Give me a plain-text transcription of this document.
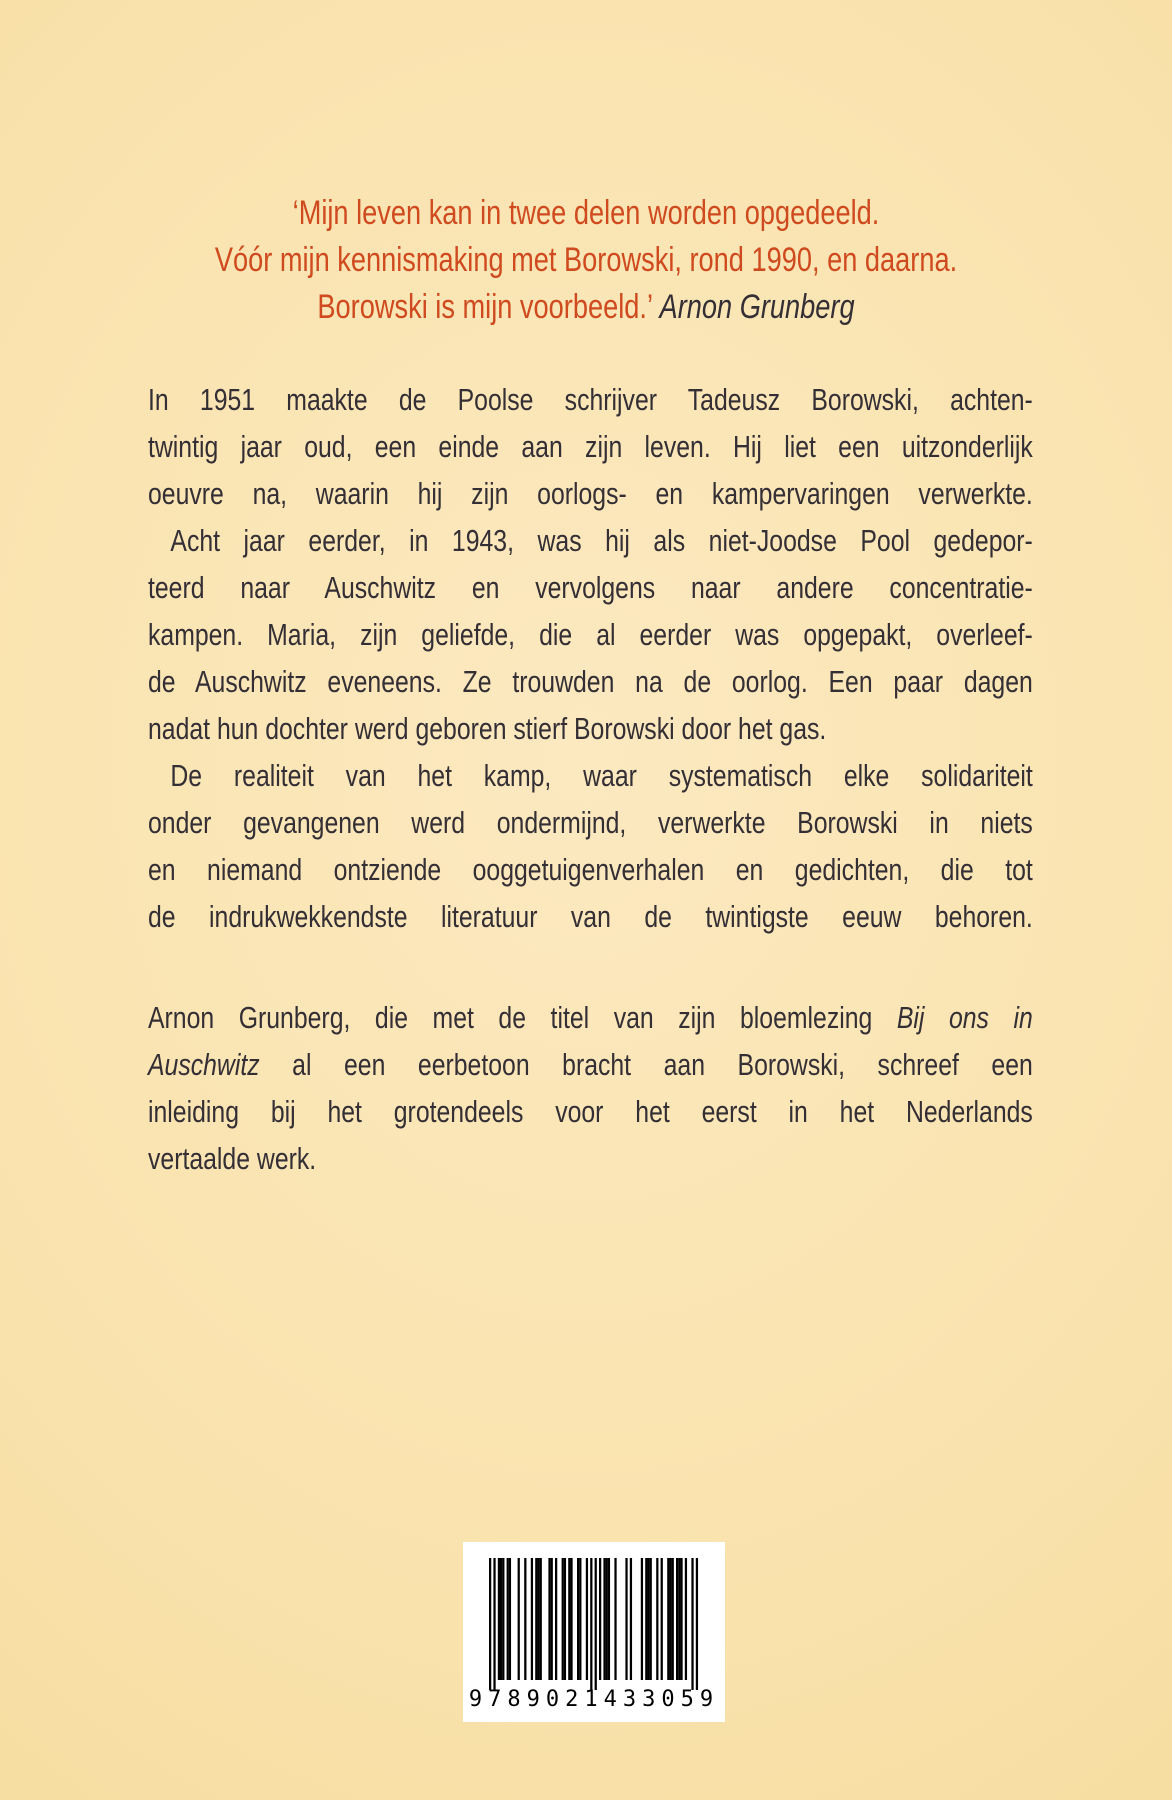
‘Mijn leven kan in twee delen worden opgedeeld.
Vóór mijn kennismaking met Borowski, rond 1990, en daarna.
Borowski is mijn voorbeeld.’ Arnon Grunberg

In 1951 maakte de Poolse schrijver Tadeusz Borowski, achten-
twintig jaar oud, een einde aan zijn leven. Hij liet een uitzonderlijk
oeuvre na, waarin hij zijn oorlogs- en kampervaringen verwerkte.

Acht jaar eerder, in 1943, was hij als niet-Joodse Pool gedepor-
teerd naar Auschwitz en vervolgens naar andere concentratie-
kampen. Maria, zijn geliefde, die al eerder was opgepakt, overleef-
de Auschwitz eveneens. Ze trouwden na de oorlog. Een paar dagen
nadat hun dochter werd geboren stierf Borowski door het gas.

De realiteit van het kamp, waar systematisch elke solidariteit
onder gevangenen werd ondermijnd, verwerkte Borowski in niets
en niemand ontziende ooggetuigenverhalen en gedichten, die tot
de indrukwekkendste literatuur van de twintigste eeuw behoren.

Arnon Grunberg, die met de titel van zijn bloemlezing Bij ons in
Auschwitz al een eerbetoon bracht aan Borowski, schreef een
inleiding bij het grotendeels voor het eerst in het Nederlands
vertaalde werk.

9789021433059
